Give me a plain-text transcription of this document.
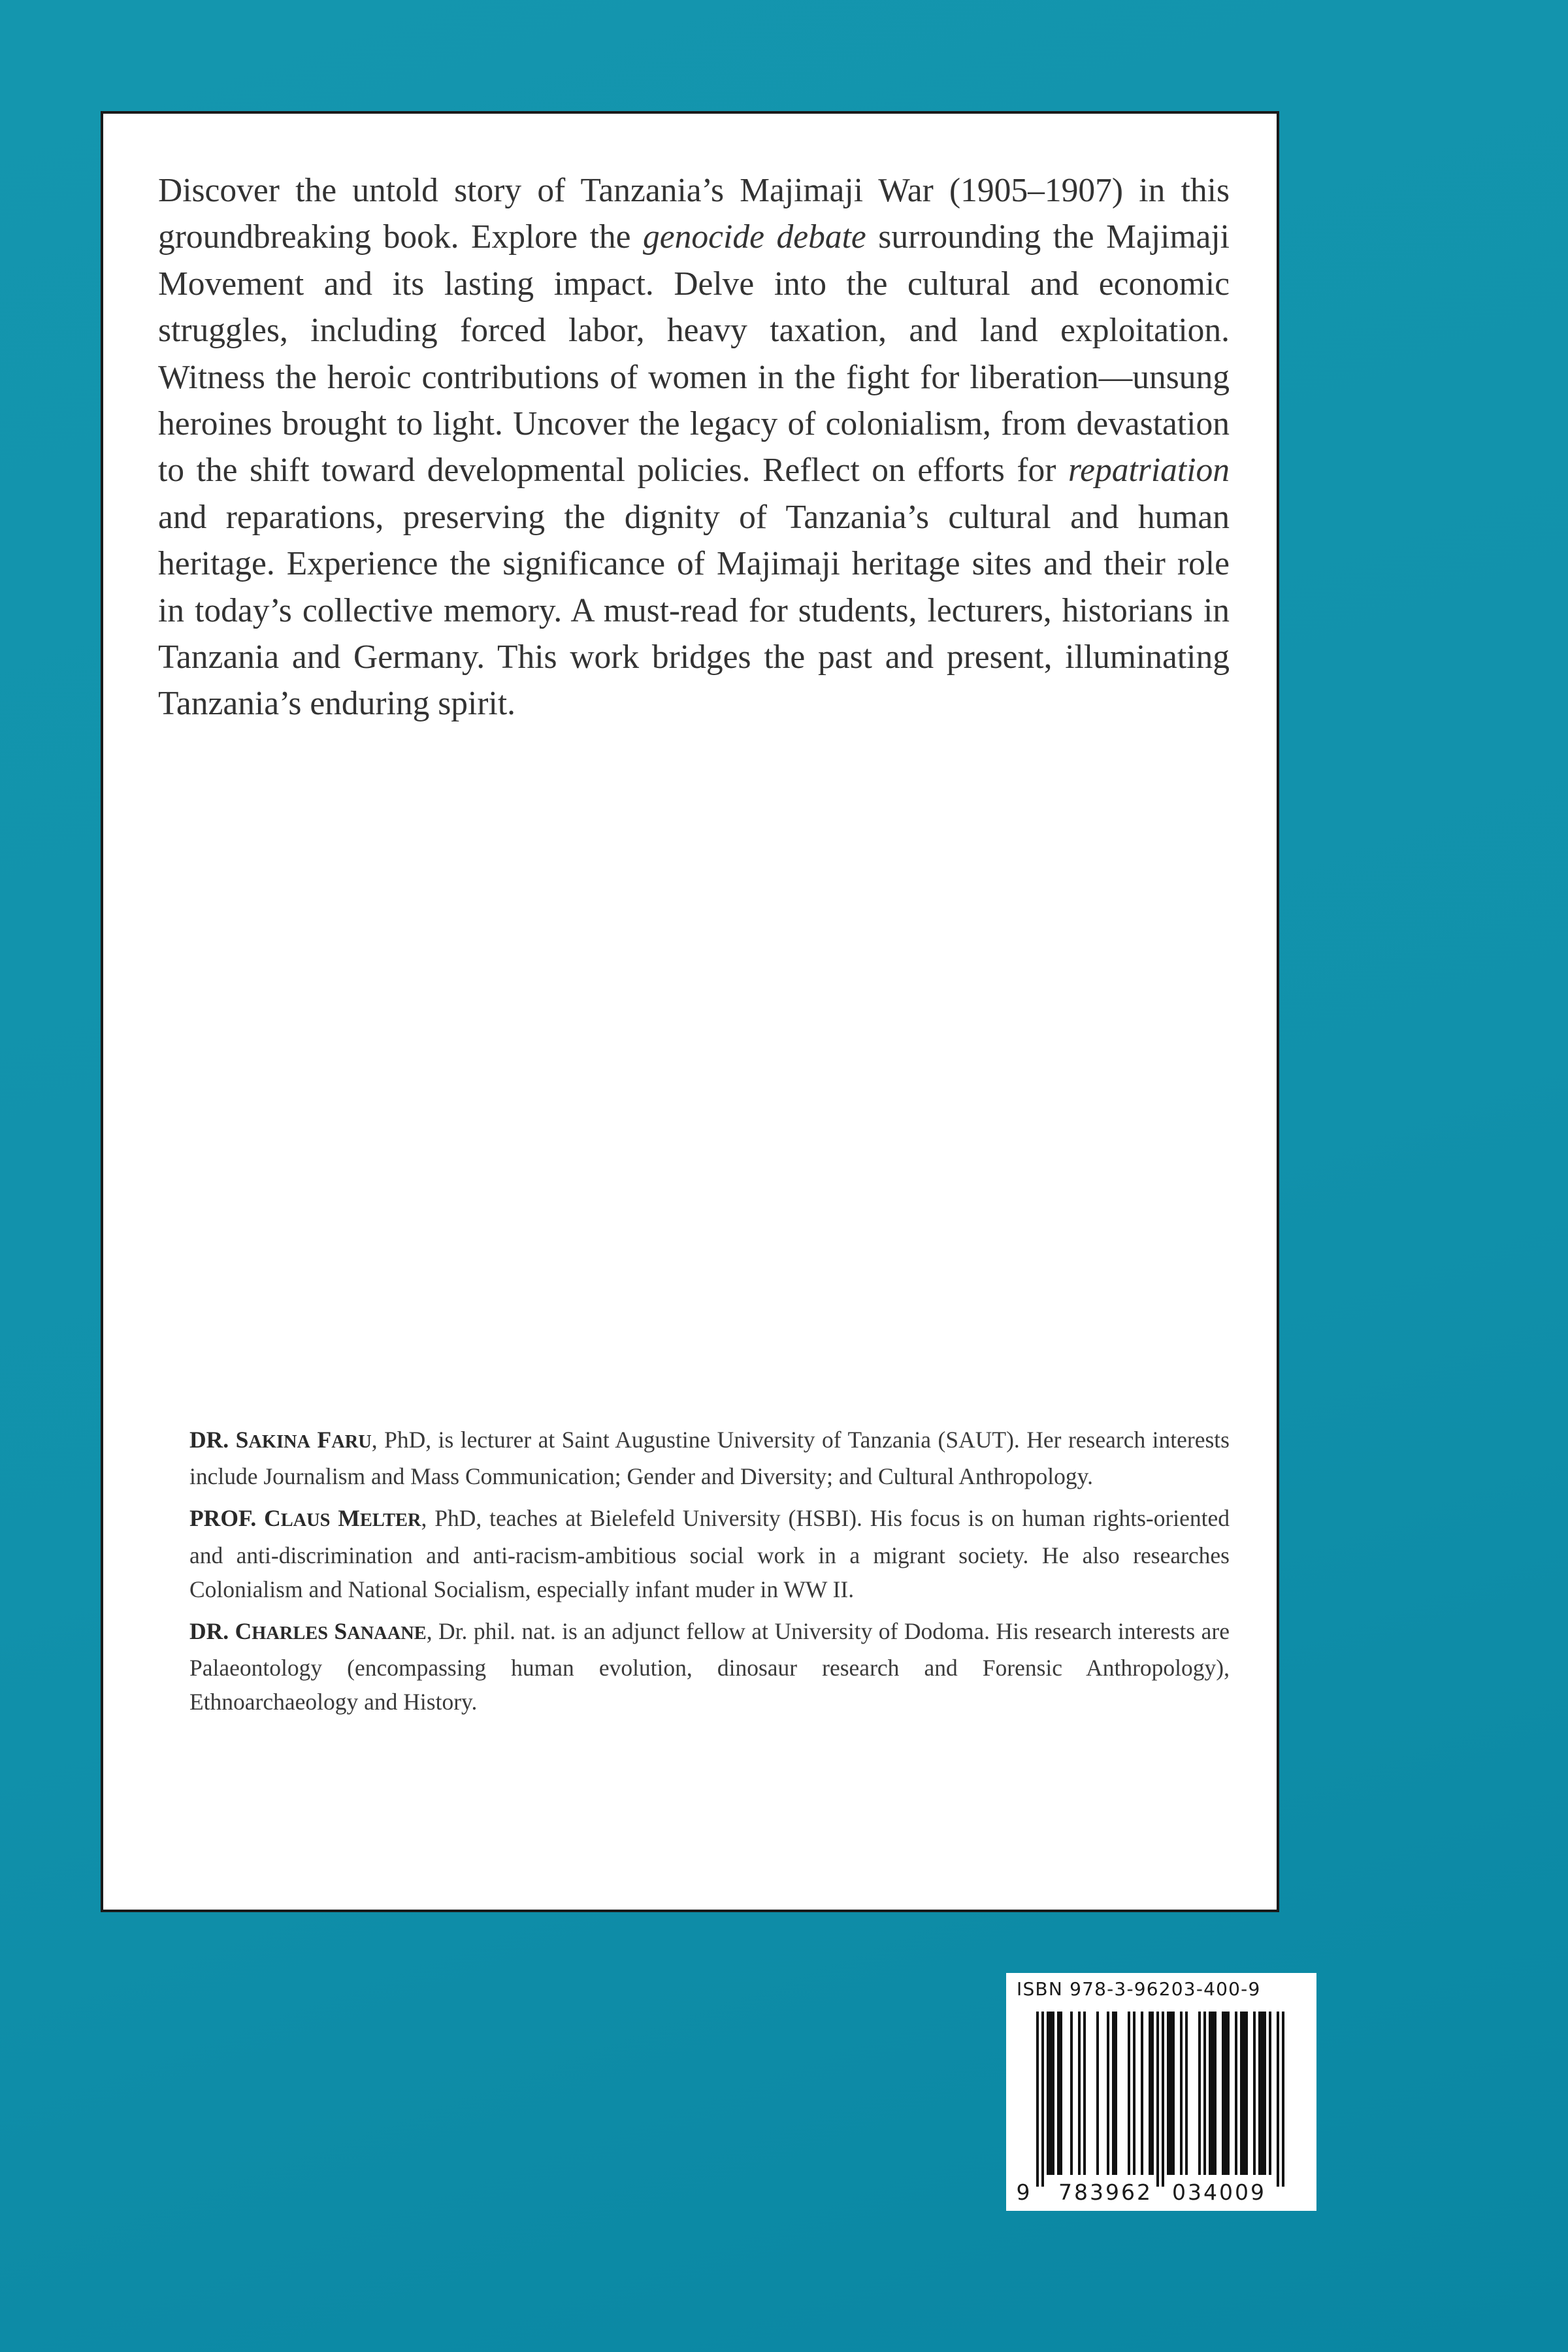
Discover the untold story of Tanzania’s Majimaji War (1905–1907) in this groundbreaking book. Explore the genocide debate surrounding the Majimaji Movement and its lasting impact. Delve into the cultural and economic struggles, including forced labor, heavy taxation, and land exploitation. Witness the heroic contributions of women in the fight for liberation—unsung heroines brought to light. Uncover the legacy of colonialism, from devastation to the shift toward developmental policies. Reflect on efforts for repatriation and reparations, preserving the dignity of Tanzania’s cultural and human heritage. Experience the significance of Majimaji heritage sites and their role in today’s collective memory. A must-read for students, lecturers, historians in Tanzania and Germany. This work bridges the past and present, illuminating Tanzania’s enduring spirit.

DR. SAKINA FARU, PhD, is lecturer at Saint Augustine University of Tanzania (SAUT). Her research interests include Journalism and Mass Communication; Gender and Diversity; and Cultural Anthropology.

PROF. CLAUS MELTER, PhD, teaches at Bielefeld University (HSBI). His focus is on human rights-oriented and anti-discrimination and anti-racism-ambitious social work in a migrant society. He also researches Colonialism and National Socialism, especially infant muder in WW II.

DR. CHARLES SANAANE, Dr. phil. nat. is an adjunct fellow at University of Dodoma. His research interests are Palaeontology (encompassing human evolution, dinosaur research and Forensic Anthropology), Ethnoarchaeology and History.

ISBN 978-3-96203-400-9
9 783962 034009
